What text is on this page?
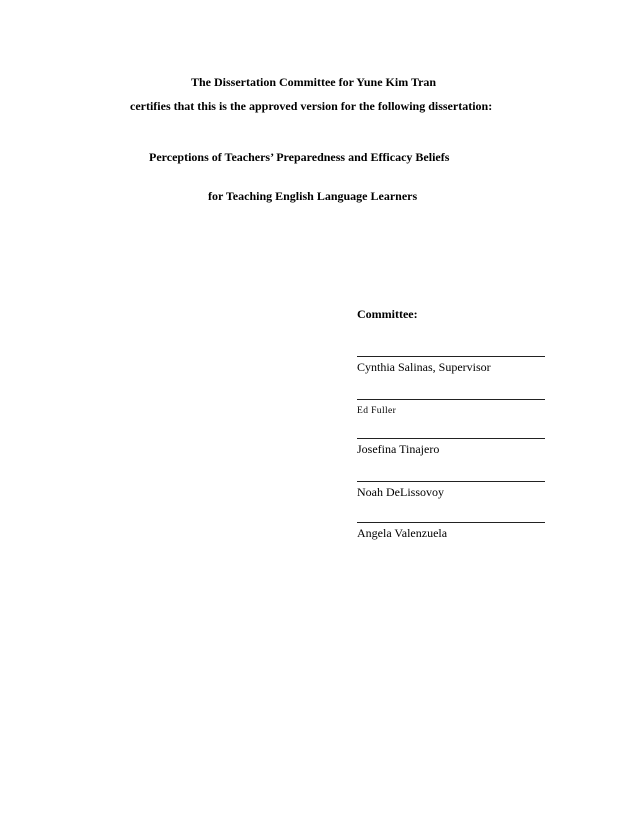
The Dissertation Committee for Yune Kim Tran
certifies that this is the approved version for the following dissertation:
Perceptions of Teachers’ Preparedness and Efficacy Beliefs
for Teaching English Language Learners
Committee:
Cynthia Salinas, Supervisor
Ed Fuller
Josefina Tinajero
Noah DeLissovoy
Angela Valenzuela
